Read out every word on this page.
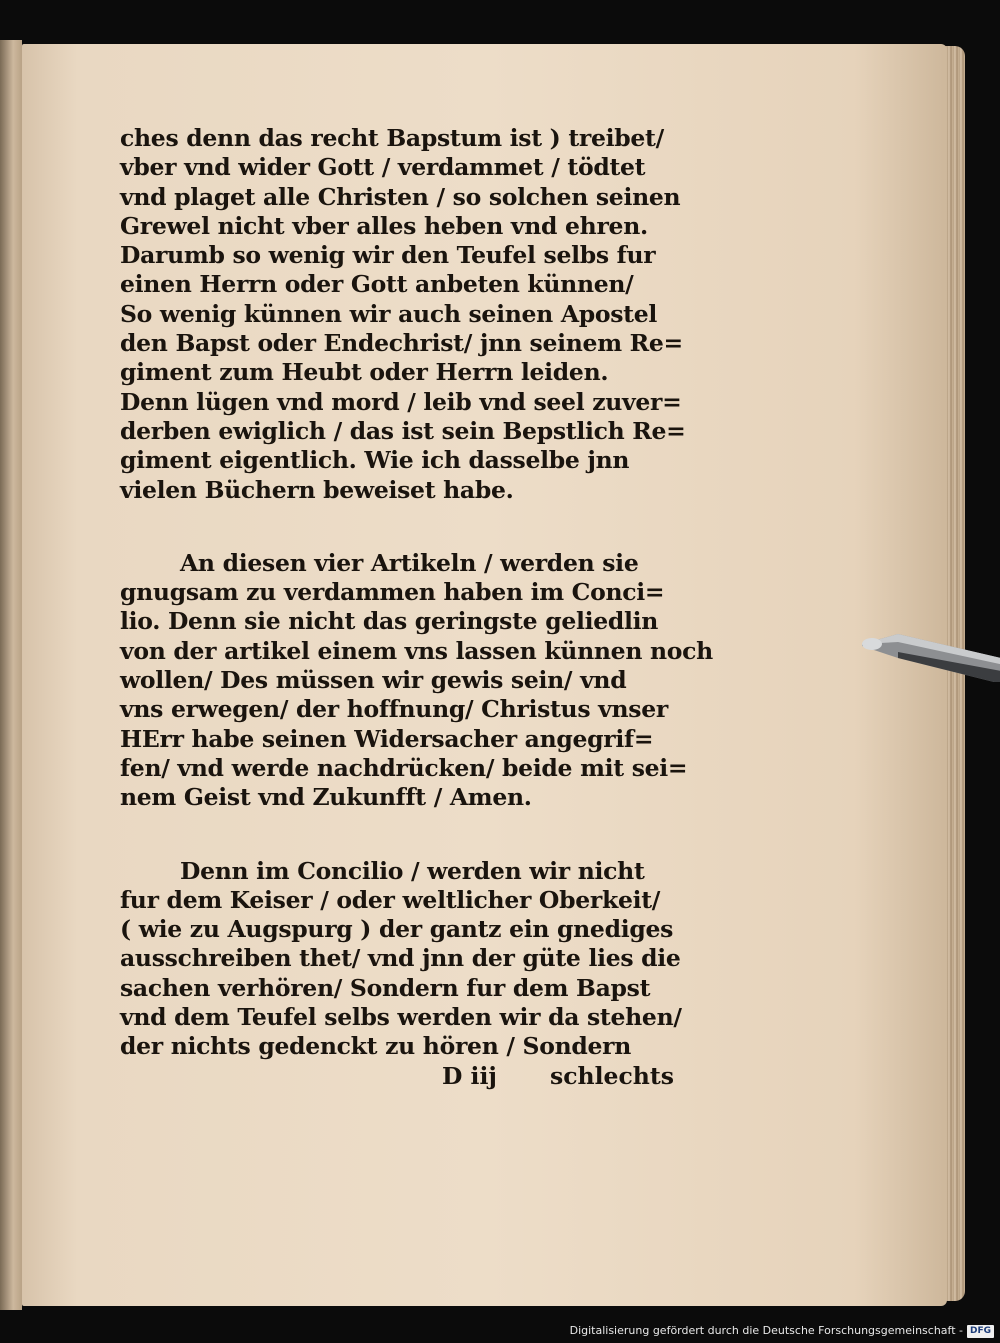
ches denn das recht Bapstum ist ) treibet/
vber vnd wider Gott / verdammet / tödtet
vnd plaget alle Christen / so solchen seinen
Grewel nicht vber alles heben vnd ehren.
Darumb so wenig wir den Teufel selbs fur
einen Herrn oder Gott anbeten künnen/
So wenig künnen wir auch seinen Apostel
den Bapst oder Endechrist/ jnn seinem Re=
giment zum Heubt oder Herrn leiden.
Denn lügen vnd mord / leib vnd seel zuver=
derben ewiglich / das ist sein Bepstlich Re=
giment eigentlich. Wie ich dasselbe jnn
vielen Büchern beweiset habe.
An diesen vier Artikeln / werden sie
gnugsam zu verdammen haben im Conci=
lio. Denn sie nicht das geringste geliedlin
von der artikel einem vns lassen künnen noch
wollen/ Des müssen wir gewis sein/ vnd
vns erwegen/ der hoffnung/ Christus vnser
HErr habe seinen Widersacher angegrif=
fen/ vnd werde nachdrücken/ beide mit sei=
nem Geist vnd Zukunfft / Amen.
Denn im Concilio / werden wir nicht
fur dem Keiser / oder weltlicher Oberkeit/
( wie zu Augspurg ) der gantz ein gnediges
ausschreiben thet/ vnd jnn der güte lies die
sachen verhören/ Sondern fur dem Bapst
vnd dem Teufel selbs werden wir da stehen/
der nichts gedenckt zu hören / Sondern
D iij schlechts
Digitalisierung gefördert durch die Deutsche Forschungsgemeinschaft - DFG
